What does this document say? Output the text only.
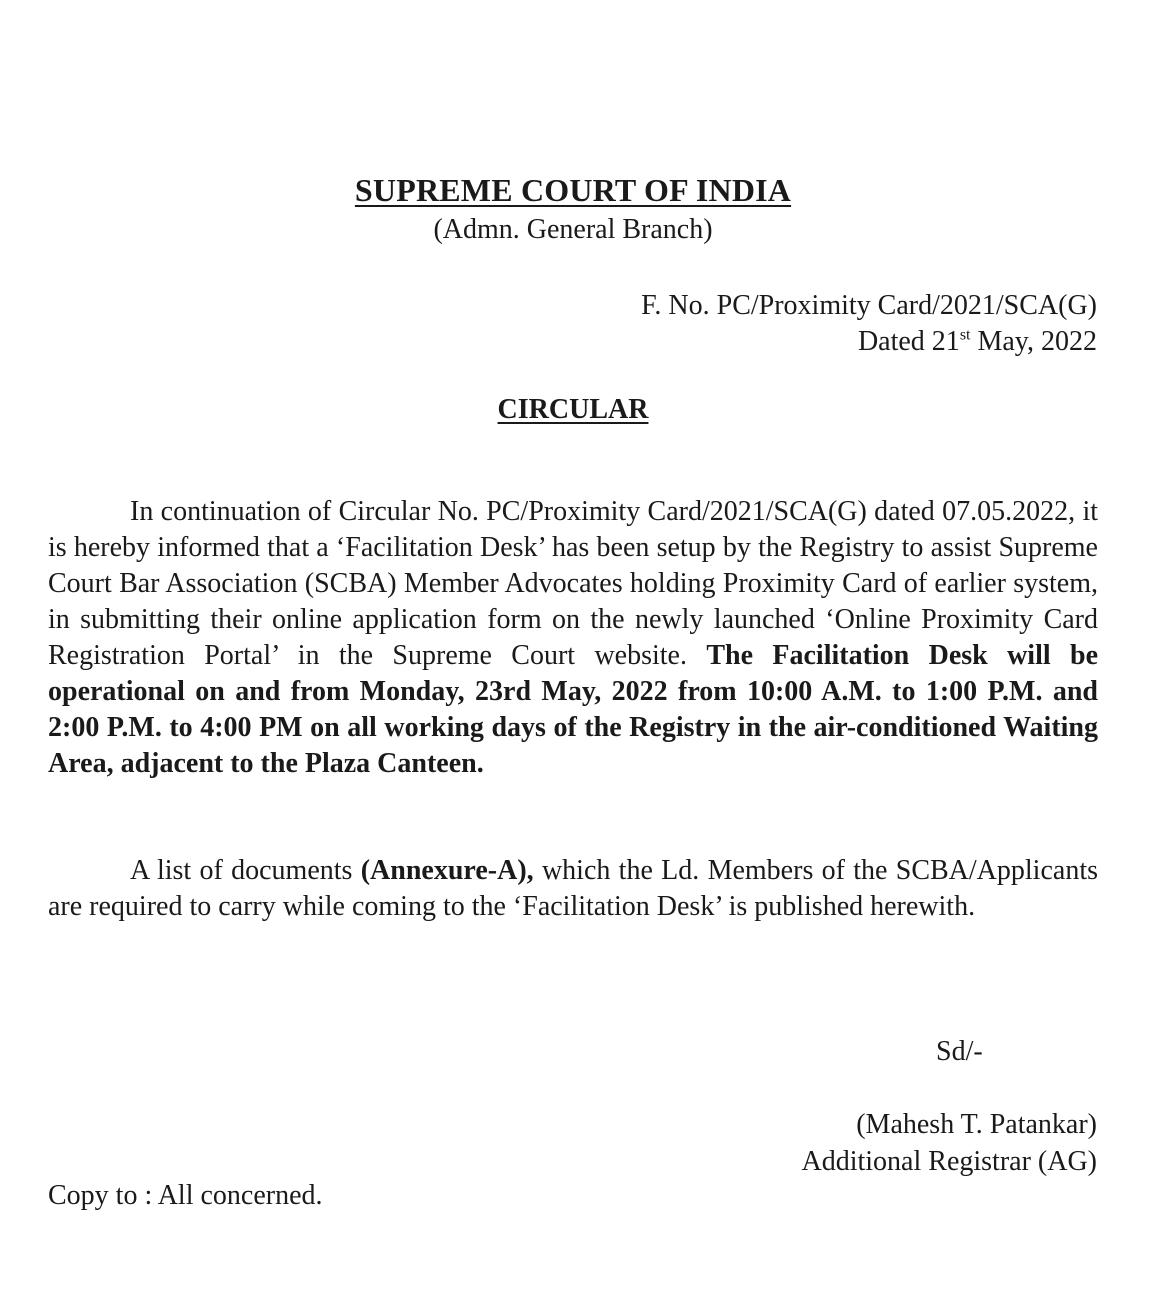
SUPREME COURT OF INDIA
(Admn. General Branch)
F. No. PC/Proximity Card/2021/SCA(G)
Dated 21st May, 2022
CIRCULAR
In continuation of Circular No. PC/Proximity Card/2021/SCA(G) dated 07.05.2022, it is hereby informed that a ‘Facilitation Desk’ has been setup by the Registry to assist Supreme Court Bar Association (SCBA) Member Advocates holding Proximity Card of earlier system, in submitting their online application form on the newly launched ‘Online Proximity Card Registration Portal’ in the Supreme Court website. The Facilitation Desk will be operational on and from Monday, 23rd May, 2022 from 10:00 A.M. to 1:00 P.M. and 2:00 P.M. to 4:00 PM on all working days of the Registry in the air-conditioned Waiting Area, adjacent to the Plaza Canteen.
A list of documents (Annexure-A), which the Ld. Members of the SCBA/Applicants are required to carry while coming to the ‘Facilitation Desk’ is published herewith.
Sd/-
(Mahesh T. Patankar)
Additional Registrar (AG)
Copy to : All concerned.
